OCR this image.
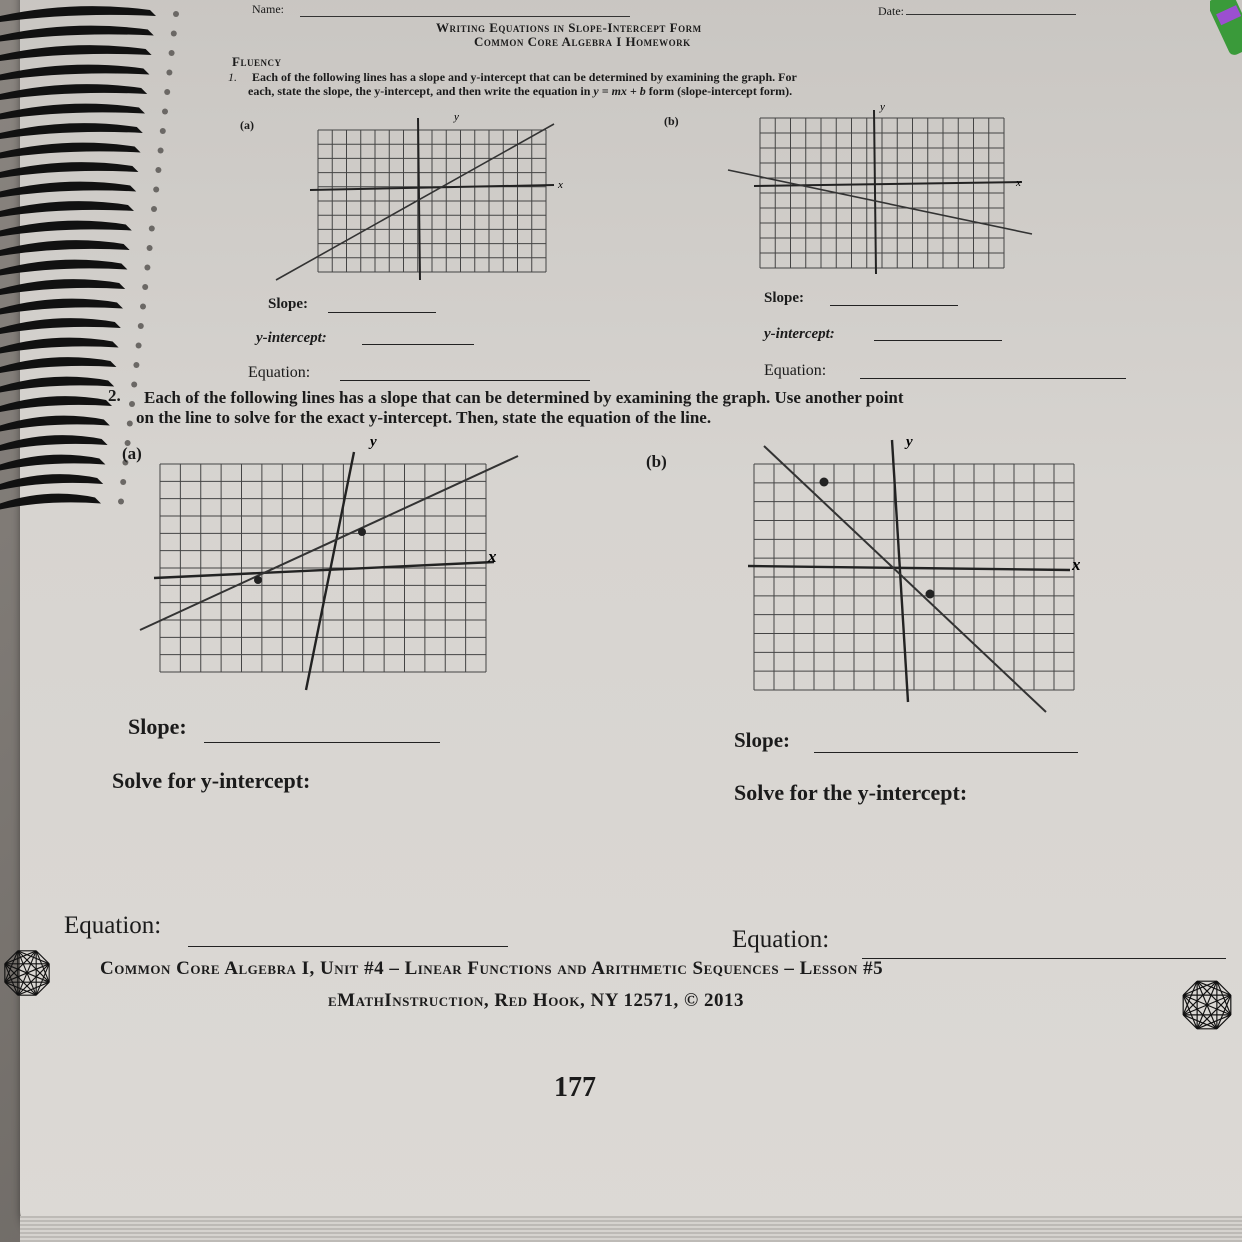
Name:	Date:
Writing Equations in Slope-Intercept Form
Common Core Algebra I Homework
Fluency
1. Each of the following lines has a slope and y-intercept that can be determined by examining the graph. For
each, state the slope, the y-intercept, and then write the equation in y = mx + b form (slope-intercept form).
(a)	(b)
y
x
y
x
Slope:
y-intercept:
Equation:
Slope:
y-intercept:
Equation:
2. Each of the following lines has a slope that can be determined by examining the graph. Use another point
on the line to solve for the exact y-intercept. Then, state the equation of the line.
(a)	(b)
y
x
y
x
Slope:
Solve for y-intercept:
Equation:
Slope:
Solve for the y-intercept:
Equation:
Common Core Algebra I, Unit #4 – Linear Functions and Arithmetic Sequences – Lesson #5
eMathInstruction, Red Hook, NY 12571, © 2013
177
